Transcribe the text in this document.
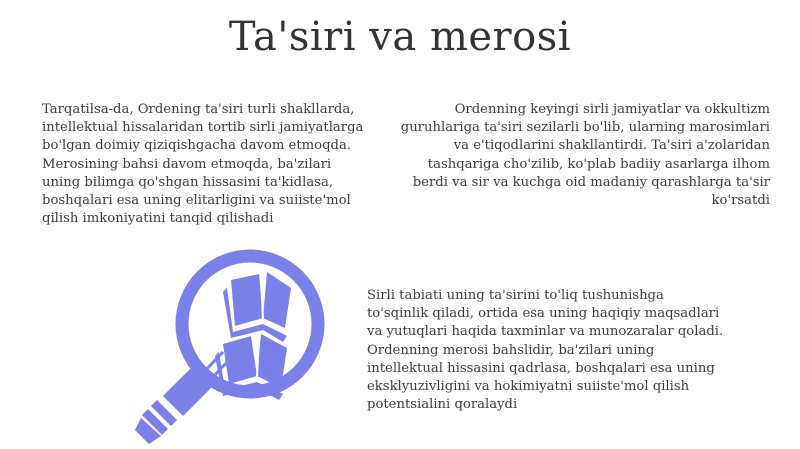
Ta'siri va merosi

Tarqatilsa-da, Ordening ta'siri turli shakllarda, intellektual hissalaridan tortib sirli jamiyatlarga bo'lgan doimiy qiziqishgacha davom etmoqda. Merosining bahsi davom etmoqda, ba'zilari uning bilimga qo'shgan hissasini ta'kidlasa, boshqalari esa uning elitarligini va suiiste'mol qilish imkoniyatini tanqid qilishadi

Ordenning keyingi sirli jamiyatlar va okkultizm guruhlariga ta'siri sezilarli bo'lib, ularning marosimlari va e'tiqodlarini shakllantirdi. Ta'siri a'zolaridan tashqariga cho'zilib, ko'plab badiiy asarlarga ilhom berdi va sir va kuchga oid madaniy qarashlarga ta'sir ko'rsatdi

Sirli tabiati uning ta'sirini to'liq tushunishga to'sqinlik qiladi, ortida esa uning haqiqiy maqsadlari va yutuqlari haqida taxminlar va munozaralar qoladi. Ordenning merosi bahslidir, ba'zilari uning intellektual hissasini qadrlasa, boshqalari esa uning eksklyuzivligini va hokimiyatni suiiste'mol qilish potentsialini qoralaydi
